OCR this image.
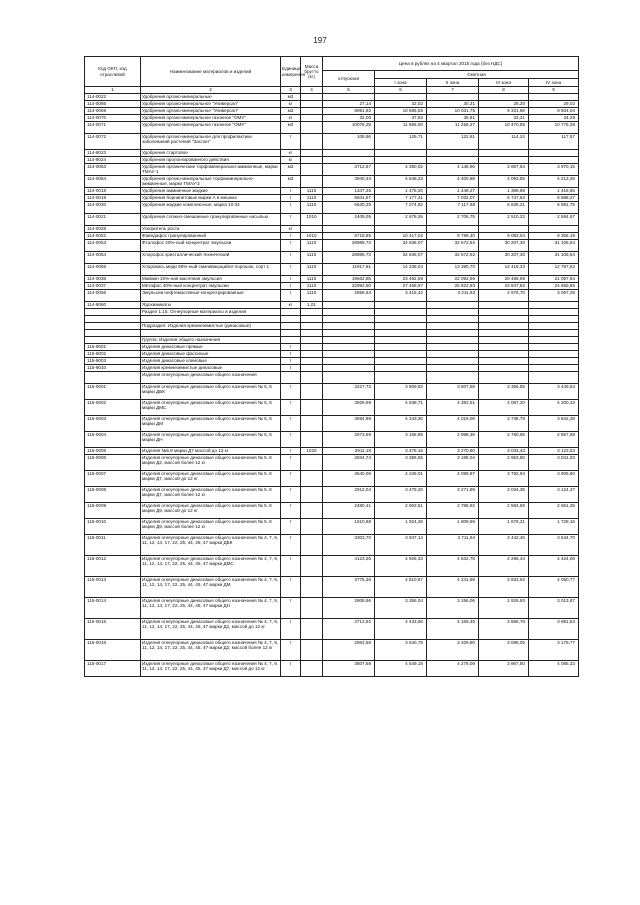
197
Код ОКП, код отраслевой	Наименование материалов и изделий	Единица измерения	Масса брутто (кг)	Цена в рублях на 4 квартал 2015 года (без НДС)				
				отпускная	Сметная			
					I зона	II зона	III зона	IV зона
1	2	3	4	5	6	7	8	9
114-0022	Удобрения органо-минеральные	м3						
114-0066	Удобрения органо-минеральное "Универсал"	кг		27,14	32,02	30,31	28,20	29,02
114-0069	Удобрения органо-минеральное "Универсал"	м3		8991,92	10 586,55	10 031,75	9 331,66	9 604,04
114-0070	Удобрения органо-минеральное газонное "ОМУ"	кг		32,06	37,82	35,81	33,31	34,29
114-0071	Удобрения органо-минеральное газонное "ОМУ"	м3		10078,29	11 966,00	11 256,27	10 470,85	10 775,36
114-0072	Удобрения органо-минеральное для профилактики заболеваний растений "Заслон"	т		108,96	129,71	122,81	114,24	117,57
114-9023	Удобрения стартовое	кг						
114-9024	Удобрения пролонгированного действия	кг						
114-0063	Удобрения органические торфоминерально-аммиачные, марки ТМАУ-1	м3		3712,67	4 380,02	4 148,96	3 857,64	3 970,15
114-0064	Удобрения органо-минеральные торфоминерально-аммиачные, марки ТМАУ-2	м3		3940,33	4 648,22	4 400,88	4 093,85	4 213,25
114-0018	Удобрения аммиачные жидкие	т	1110	1347,25	1 478,20	1 448,27	1 389,69	1 418,65
114-0019	Удобрения борнинетовые марки А в мешках	т	1110	6541,57	7 177,41	7 032,07	6 747,63	6 888,27
114-0020	Удобрения жидкие комплексные, марка 10:34	т	1110	6630,35	7 274,82	7 117,68	6 839,21	6 981,75
114-0021	Удобрения сложно-смешанные гранулированные насыпью	т	1010	2409,05	2 678,26	2 706,75	2 510,23	2 584,67
114-0028	Ускоритель роста	кг						
114-0052	Фаиндафос гранулированный	т	1010	8718,85	10 417,02	9 798,40	9 083,04	9 356,19
114-0053	Фталофос 20%-ный концентрат эмульсии	т	1110	28989,73	34 636,07	32 572,52	30 207,30	31 105,54
114-0054	Хлорофос кристаллический технический	т	1110	28989,73	34 636,07	32 572,52	30 207,30	31 105,54
114-0055	Хлорокись меди 90%-ный смачивающийся порошок, сорт 1	т	1110	11917,81	14 238,04	13 390,70	12 418,33	12 787,62
114-0036	Майаин 15%-ная масляная эмульсия	т	1110	19662,85	23 492,59	22 092,96	20 488,69	21 097,84
114-0037	Метафос 40%-ный концентрат эмульсии	т	1110	22982,56	27 458,97	25 822,93	23 947,82	24 659,85
114-0056	Эмульсии нефтемасляные концентрированные	т	1110	2858,64	3 415,42	3 211,93	2 978,70	3 067,28
114-9060	Ядохимикаты	кг	1,01					
	Раздел 1.15. Огнеупорные материалы и изделия							

	Подраздел: Изделия кремнеземистые (динасовые)							

	Группа: Изделия общего назначения							
115-9001	Изделия динасовые прямые	т						
115-9002	Изделия динасовые фасонные	т						
115-9003	Изделия динасовые клиновые	т						
115-9010	Изделия кремнеземистые динасовые	т						
	Изделия огнеупорные динасовые общего назначения							
115-0001	Изделия огнеупорные динасовые общего назначения № 5, 8 марки ДБК	т		3227,72	3 809,82	3 607,58	3 356,85	3 449,54
115-0002	Изделия огнеупорные динасовые общего назначения № 5, 8 марки ДМС	т		3929,99	4 638,71	4 392,51	4 087,20	4 200,43
115-0003	Изделия огнеупорные динасовые общего назначения № 5, 8 марки ДМ	т		3594,98	4 243,30	4 018,06	3 738,79	3 842,38
115-0004	Изделия огнеупорные динасовые общего назначения № 5, 8 марки ДН	т		2673,69	3 155,85	2 988,36	2 780,65	2 857,69
115-0005	Изделия №5,8 марки Д7 массой до 12 кг	т	1020	2911,18	3 478,16	3 270,80	3 033,43	3 123,53
115-0006	Изделия огнеупорные динасовые общего назначения № 5, 8 марки Д2, массой более 12 кг	т		2834,74	3 386,55	3 185,04	2 953,80	3 041,03
115-0007	Изделия огнеупорные динасовые общего назначения № 5, 8 марки Д7, массой до 12 кг	т		3640,06	4 349,01	4 089,87	3 792,94	3 905,60
115-0008	Изделия огнеупорные динасовые общего назначения № 5, 8 марки Д7, массой более 12 кг	т		2912,04	3 479,20	3 271,89	3 034,35	3 124,47
115-0009	Изделия огнеупорные динасовые общего назначения № 5, 8 марки Д9, массой до 12 кг	т		2480,41	2 963,51	2 786,92	2 584,59	2 661,35
115-0010	Изделия огнеупорные динасовые общего назначения № 5, 8 марки Д9, массой более 12 кг	т		1610,68	1 924,36	1 809,69	1 678,31	1 728,16
115-0011	Изделия огнеупорные динасовые общего назначения № 4, 7, 9, 11, 12, 14, 17, 22, 25, 44, 45, 47 марки ДБК	т		3303,70	3 947,14	3 711,94	3 442,45	3 544,70
115-0012	Изделия огнеупорные динасовые общего назначения № 4, 7, 9, 11, 12, 14, 17, 22, 25, 44, 45, 47 марки ДМС	т		4123,26	4 926,33	4 632,78	4 296,44	4 424,06
115-0013	Изделия огнеупорные динасовые общего назначения № 4, 7, 9, 11, 12, 14, 17, 22, 25, 44, 45, 47 марки ДМ	т		3775,36	4 510,67	4 241,89	3 933,93	4 050,77
115-0014	Изделия огнеупорные динасовые общего назначения № 4, 7, 9, 11, 12, 14, 17, 22, 25, 44, 45, 47 марки ДН	т		2808,96	3 356,04	3 156,06	2 926,93	3 013,87
115-0015	Изделия огнеупорные динасовые общего назначения № 4, 7, 9, 11, 12, 14, 17, 22, 25, 44, 45, 47 марки Д2, массой до 12 кг	т		3713,92	4 433,66	4 169,49	3 866,76	3 981,53
115-0016	Изделия огнеупорные динасовые общего назначения № 4, 7, 9, 11, 12, 14, 17, 22, 25, 44, 45, 47 марки Д2, массой более 12 кг	т		2963,58	3 540,78	3 329,80	3 088,05	3 179,77
115-0017	Изделия огнеупорные динасовые общего назначения № 4, 7, 9, 11, 12, 14, 17, 22, 25, 44, 45, 47 марки Д7, массой до 12 кг	т		3807,58	4 549,18	4 278,09	3 967,50	4 085,33
